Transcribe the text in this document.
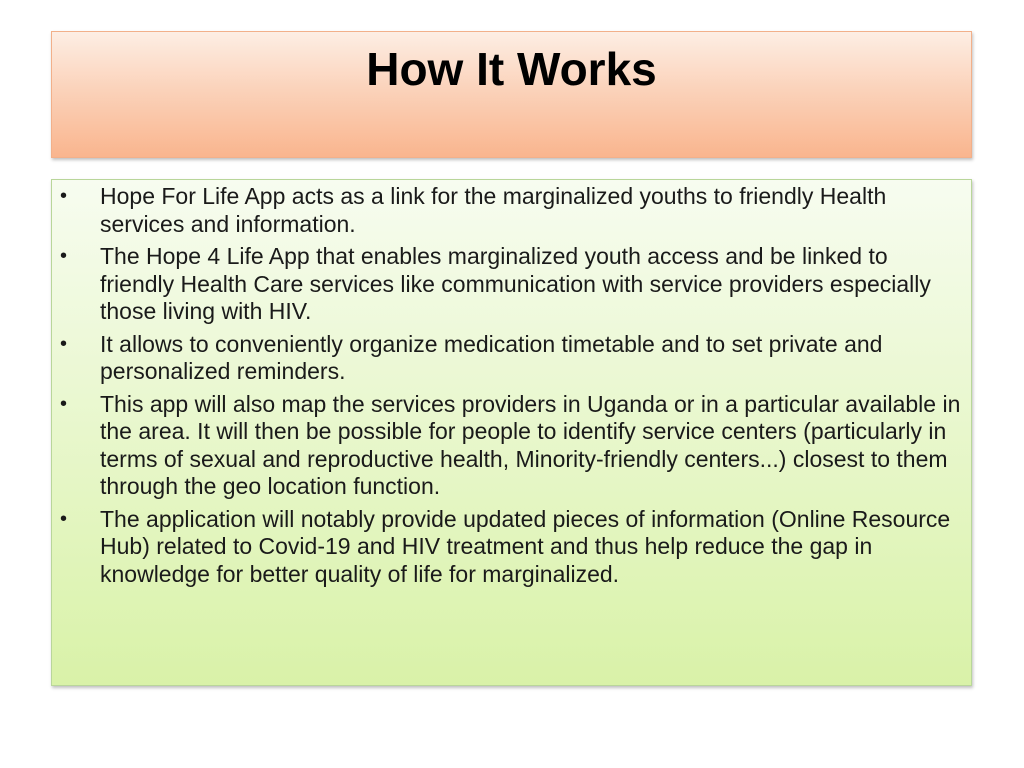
How It Works
•	Hope For Life App acts as a link for the marginalized youths to friendly Health services and information.
•	The Hope 4 Life App that enables marginalized youth access and be linked to friendly Health Care services like communication with service providers especially those living with HIV.
•	It allows to conveniently organize medication timetable and to set private and personalized reminders.
•	This app will also map the services providers in Uganda or in a particular available in the area. It will then be possible for people to identify service centers (particularly in terms of sexual and reproductive health, Minority-friendly centers...) closest to them through the geo location function.
•	The application will notably provide updated pieces of information (Online Resource Hub) related to Covid-19 and HIV treatment and thus help reduce the gap in knowledge for better quality of life for marginalized.
